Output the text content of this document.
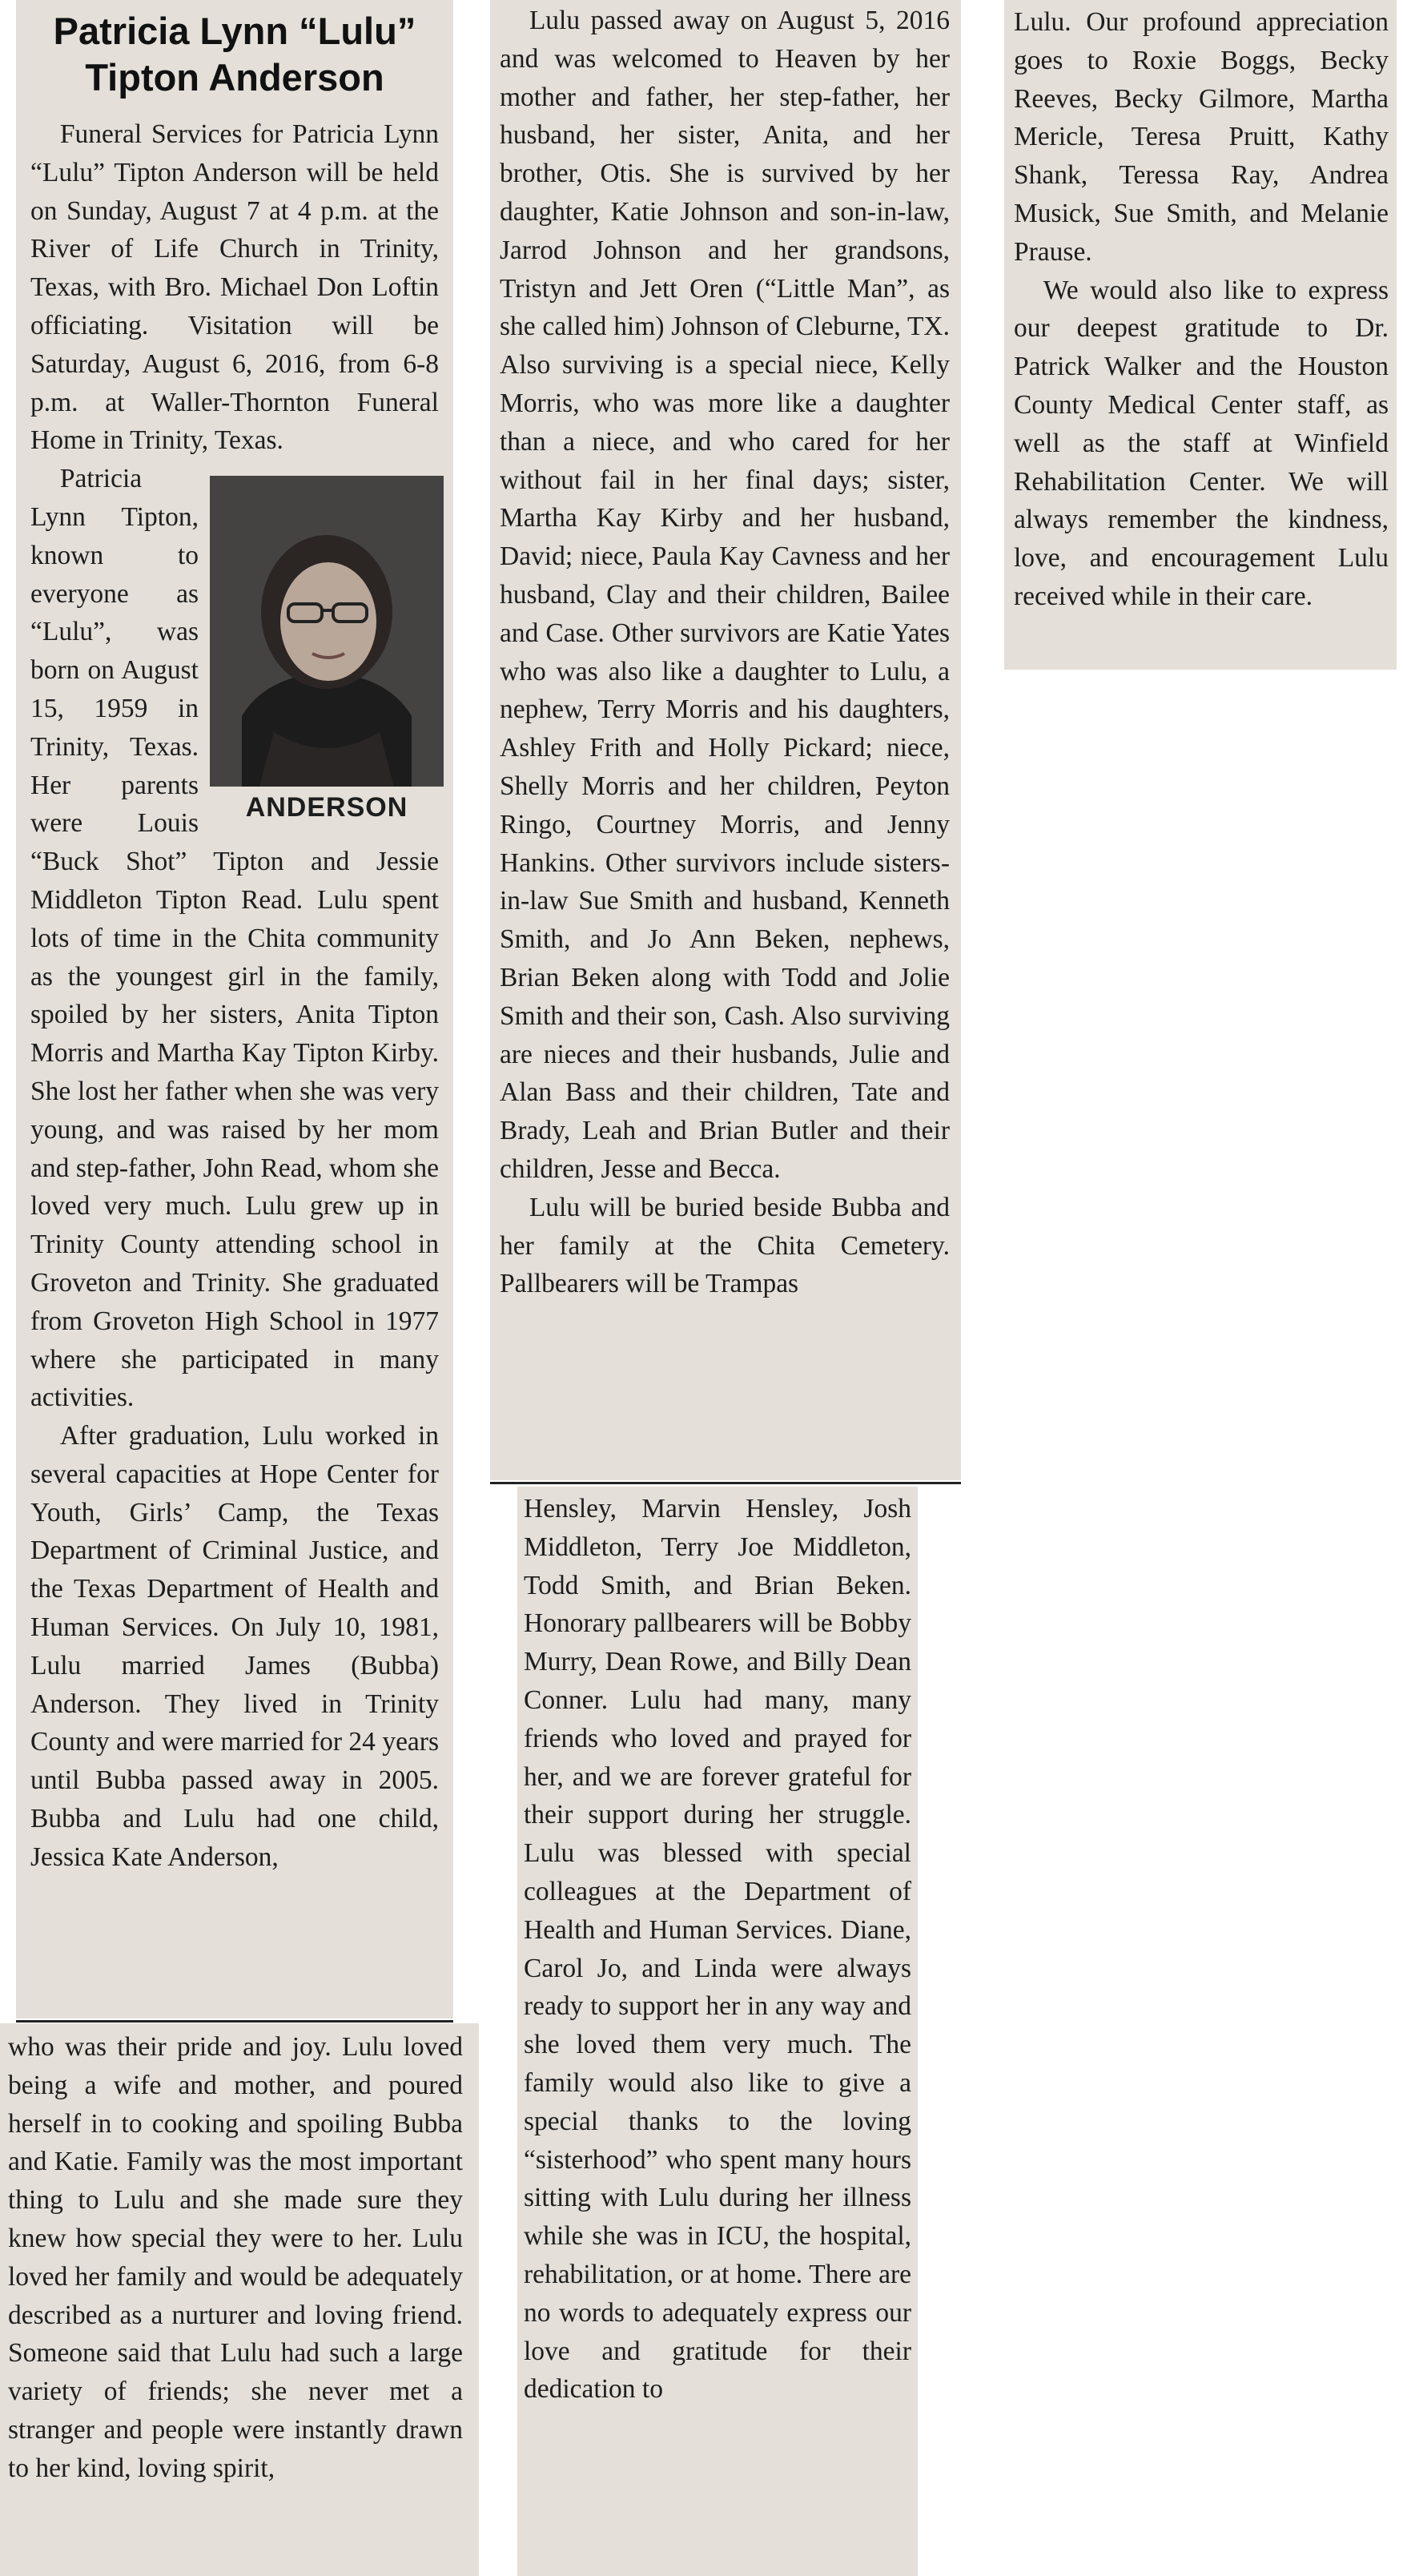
Patricia Lynn “Lulu”
Tipton Anderson

Funeral Services for Patricia Lynn “Lulu” Tipton Anderson will be held on Sunday, August 7 at 4 p.m. at the River of Life Church in Trinity, Texas, with Bro. Michael Don Loftin officiating. Visitation will be Saturday, August 6, 2016, from 6-8 p.m. at Waller-Thornton Funeral Home in Trinity, Texas.

ANDERSON

Patricia Lynn Tipton, known to everyone as “Lulu”, was born on August 15, 1959 in Trinity, Texas. Her parents were Louis “Buck Shot” Tipton and Jessie Middleton Tipton Read. Lulu spent lots of time in the Chita community as the youngest girl in the family, spoiled by her sisters, Anita Tipton Morris and Martha Kay Tipton Kirby. She lost her father when she was very young, and was raised by her mom and step-father, John Read, whom she loved very much. Lulu grew up in Trinity County attending school in Groveton and Trinity. She graduated from Groveton High School in 1977 where she participated in many activities.

After graduation, Lulu worked in several capacities at Hope Center for Youth, Girls’ Camp, the Texas Department of Criminal Justice, and the Texas Department of Health and Human Services. On July 10, 1981, Lulu married James (Bubba) Anderson. They lived in Trinity County and were married for 24 years until Bubba passed away in 2005. Bubba and Lulu had one child, Jessica Kate Anderson,

who was their pride and joy. Lulu loved being a wife and mother, and poured herself in to cooking and spoiling Bubba and Katie. Family was the most important thing to Lulu and she made sure they knew how special they were to her. Lulu loved her family and would be adequately described as a nurturer and loving friend. Someone said that Lulu had such a large variety of friends; she never met a stranger and people were instantly drawn to her kind, loving spirit,

Lulu passed away on August 5, 2016 and was welcomed to Heaven by her mother and father, her step-father, her husband, her sister, Anita, and her brother, Otis. She is survived by her daughter, Katie Johnson and son-in-law, Jarrod Johnson and her grandsons, Tristyn and Jett Oren (“Little Man”, as she called him) Johnson of Cleburne, TX. Also surviving is a special niece, Kelly Morris, who was more like a daughter than a niece, and who cared for her without fail in her final days; sister, Martha Kay Kirby and her husband, David; niece, Paula Kay Cavness and her husband, Clay and their children, Bailee and Case. Other survivors are Katie Yates who was also like a daughter to Lulu, a nephew, Terry Morris and his daughters, Ashley Frith and Holly Pickard; niece, Shelly Morris and her children, Peyton Ringo, Courtney Morris, and Jenny Hankins. Other survivors include sisters-in-law Sue Smith and husband, Kenneth Smith, and Jo Ann Beken, nephews, Brian Beken along with Todd and Jolie Smith and their son, Cash. Also surviving are nieces and their husbands, Julie and Alan Bass and their children, Tate and Brady, Leah and Brian Butler and their children, Jesse and Becca.

Lulu will be buried beside Bubba and her family at the Chita Cemetery. Pallbearers will be Trampas

Hensley, Marvin Hensley, Josh Middleton, Terry Joe Middleton, Todd Smith, and Brian Beken. Honorary pallbearers will be Bobby Murry, Dean Rowe, and Billy Dean Conner. Lulu had many, many friends who loved and prayed for her, and we are forever grateful for their support during her struggle. Lulu was blessed with special colleagues at the Department of Health and Human Services. Diane, Carol Jo, and Linda were always ready to support her in any way and she loved them very much. The family would also like to give a special thanks to the loving “sisterhood” who spent many hours sitting with Lulu during her illness while she was in ICU, the hospital, rehabilitation, or at home. There are no words to adequately express our love and gratitude for their dedication to

Lulu. Our profound appreciation goes to Roxie Boggs, Becky Reeves, Becky Gilmore, Martha Mericle, Teresa Pruitt, Kathy Shank, Teressa Ray, Andrea Musick, Sue Smith, and Melanie Prause.

We would also like to express our deepest gratitude to Dr. Patrick Walker and the Houston County Medical Center staff, as well as the staff at Winfield Rehabilitation Center. We will always remember the kindness, love, and encouragement Lulu received while in their care.
